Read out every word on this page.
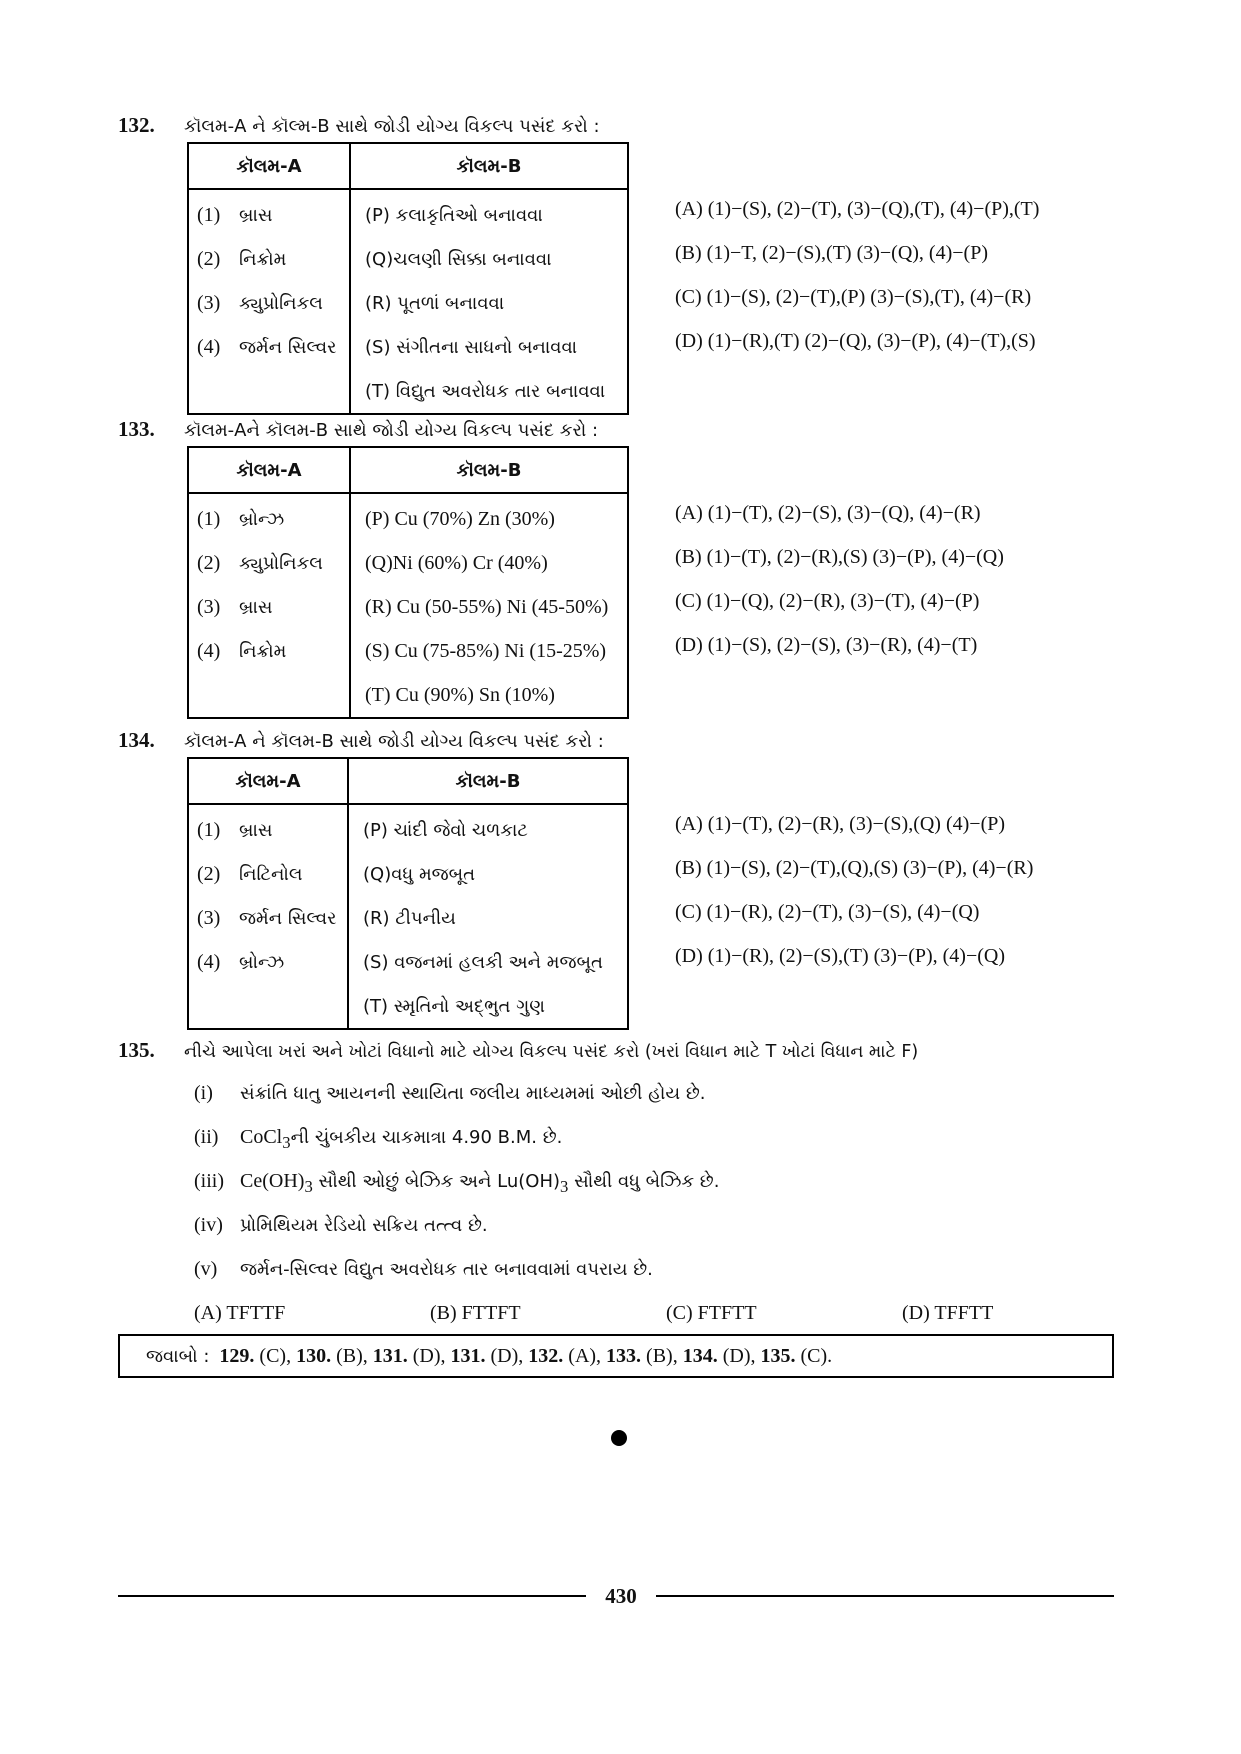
132. કૉલમ-A ને કૉલ્મ-B સાથે જોડી યોગ્ય વિકલ્પ પસંદ કરો :
કૉલમ-A	કૉલમ-B
(1) બ્રાસ	(P) કલાકૃતિઓ બનાવવા
(2) નિક્રોમ	(Q)ચલણી સિક્કા બનાવવા
(3) ક્યુપ્રોનિકલ	(R) પૂતળાં બનાવવા
(4) જર્મન સિલ્વર	(S) સંગીતના સાધનો બનાવવા
	(T) વિદ્યુત અવરોધક તાર બનાવવા
(A) (1)−(S), (2)−(T), (3)−(Q),(T), (4)−(P),(T)
(B) (1)−T, (2)−(S),(T) (3)−(Q), (4)−(P)
(C) (1)−(S), (2)−(T),(P) (3)−(S),(T), (4)−(R)
(D) (1)−(R),(T) (2)−(Q), (3)−(P), (4)−(T),(S)
133. કૉલમ-Aને કૉલમ-B સાથે જોડી યોગ્ય વિકલ્પ પસંદ કરો :
કૉલમ-A	કૉલમ-B
(1) બ્રોન્ઝ	(P) Cu (70%) Zn (30%)
(2) ક્યુપ્રોનિકલ	(Q)Ni (60%) Cr (40%)
(3) બ્રાસ	(R) Cu (50-55%) Ni (45-50%)
(4) નિક્રોમ	(S) Cu (75-85%) Ni (15-25%)
	(T) Cu (90%) Sn (10%)
(A) (1)−(T), (2)−(S), (3)−(Q), (4)−(R)
(B) (1)−(T), (2)−(R),(S) (3)−(P), (4)−(Q)
(C) (1)−(Q), (2)−(R), (3)−(T), (4)−(P)
(D) (1)−(S), (2)−(S), (3)−(R), (4)−(T)
134. કૉલમ-A ને કૉલમ-B સાથે જોડી યોગ્ય વિકલ્પ પસંદ કરો :
કૉલમ-A	કૉલમ-B
(1) બ્રાસ	(P) ચાંદી જેવો ચળકાટ
(2) નિટિનોલ	(Q)વધુ મજબૂત
(3) જર્મન સિલ્વર	(R) ટીપનીય
(4) બ્રોન્ઝ	(S) વજનમાં હલકી અને મજબૂત
	(T) સ્મૃતિનો અદ્ભુત ગુણ
(A) (1)−(T), (2)−(R), (3)−(S),(Q) (4)−(P)
(B) (1)−(S), (2)−(T),(Q),(S) (3)−(P), (4)−(R)
(C) (1)−(R), (2)−(T), (3)−(S), (4)−(Q)
(D) (1)−(R), (2)−(S),(T) (3)−(P), (4)−(Q)
135. નીચે આપેલા ખરાં અને ખોટાં વિધાનો માટે યોગ્ય વિકલ્પ પસંદ કરો (ખરાં વિધાન માટે T ખોટાં વિધાન માટે F)
(i) સંક્રાંતિ ધાતુ આયનની સ્થાયિતા જલીય માધ્યમમાં ઓછી હોય છે.
(ii) CoCl$_3$ની ચુંબકીય ચાકમાત્રા 4.90 B.M. છે.
(iii) $Ce(OH)_3$ સૌથી ઓછું બેઝિક અને $Lu(OH)_3$ સૌથી વધુ બેઝિક છે.
(iv) પ્રોમિથિયમ રેડિયો સક્રિય તત્ત્વ છે.
(v) જર્મન-સિલ્વર વિદ્યુત અવરોધક તાર બનાવવામાં વપરાય છે.
(A) TFTTF	(B) FTTFT	(C) FTFTT	(D) TFFTT
જવાબો : 129. (C), 130. (B), 131. (D), 131. (D), 132. (A), 133. (B), 134. (D), 135. (C).
430
